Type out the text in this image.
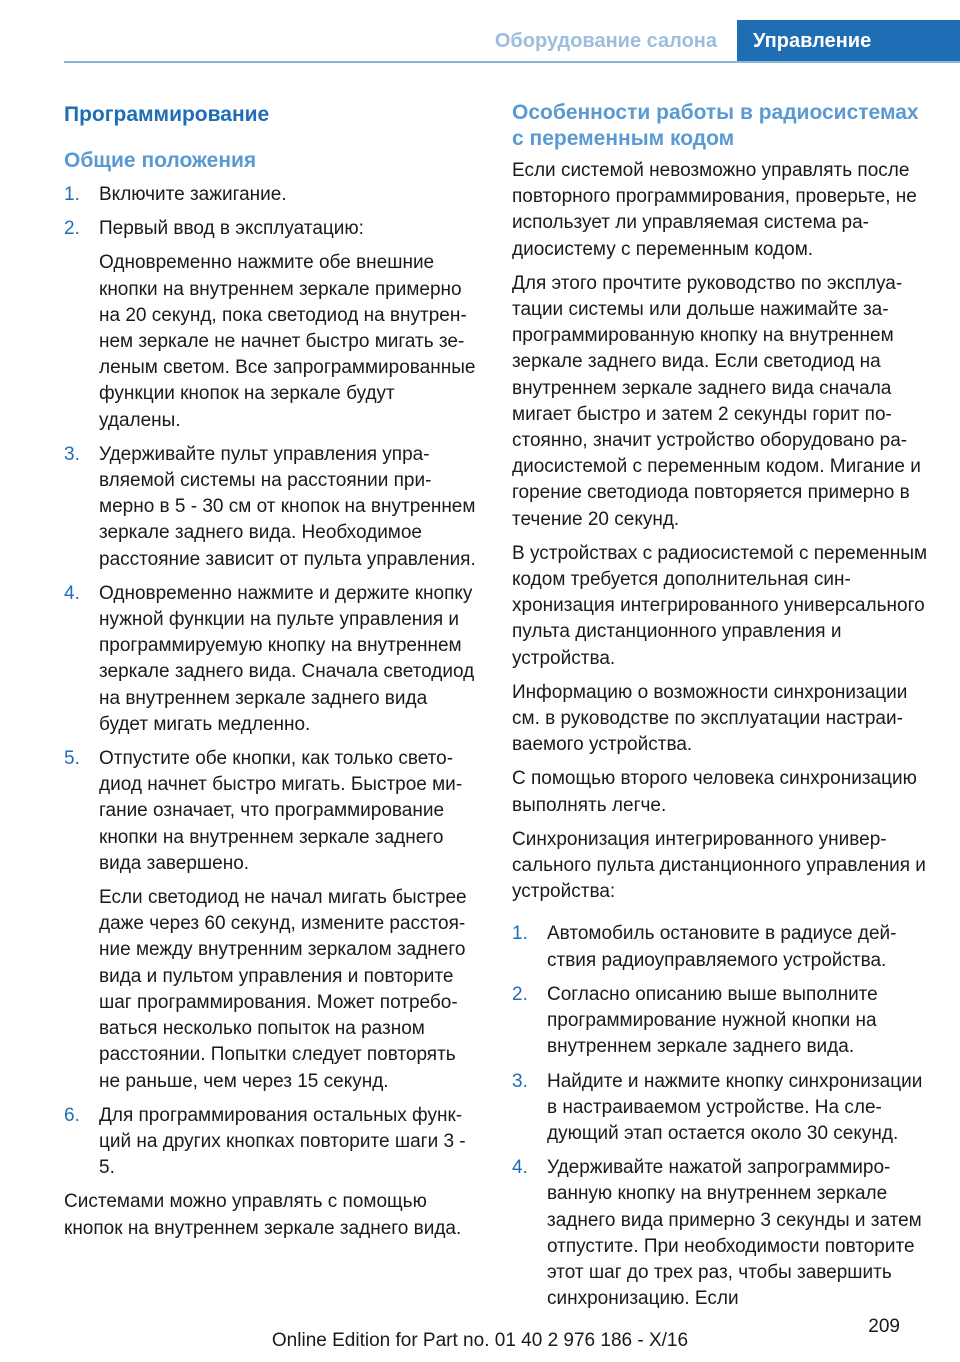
Оборудование салона	Управление
Программирование
Общие положения
1.	Включите зажигание.

2.	Первый ввод в эксплуатацию:

Одновременно нажмите обе внешние кнопки на внутреннем зеркале примерно на 20 секунд, пока светодиод на внутреннем зеркале не начнет быстро мигать зеленым светом. Все запрограммированные функции кнопок на зеркале будут удалены.

3.	Удерживайте пульт управления управляемой системы на расстоянии примерно в 5 - 30 см от кнопок на внутреннем зеркале заднего вида. Необходимое расстояние зависит от пульта управления.

4.	Одновременно нажмите и держите кнопку нужной функции на пульте управления и программируемую кнопку на внутреннем зеркале заднего вида. Сначала светодиод на внутреннем зеркале заднего вида будет мигать медленно.

5.	Отпустите обе кнопки, как только светодиод начнет быстро мигать. Быстрое мигание означает, что программирование кнопки на внутреннем зеркале заднего вида завершено.

Если светодиод не начал мигать быстрее даже через 60 секунд, измените расстояние между внутренним зеркалом заднего вида и пультом управления и повторите шаг программирования. Может потребоваться несколько попыток на разном расстоянии. Попытки следует повторять не раньше, чем через 15 секунд.

6.	Для программирования остальных функций на других кнопках повторите шаги 3 - 5.

Системами можно управлять с помощью кнопок на внутреннем зеркале заднего вида.

Особенности работы в радиосистемах с переменным кодом

Если системой невозможно управлять после повторного программирования, проверьте, не использует ли управляемая система радиосистему с переменным кодом.

Для этого прочтите руководство по эксплуатации системы или дольше нажимайте запрограммированную кнопку на внутреннем зеркале заднего вида. Если светодиод на внутреннем зеркале заднего вида сначала мигает быстро и затем 2 секунды горит постоянно, значит устройство оборудовано радиосистемой с переменным кодом. Мигание и горение светодиода повторяется примерно в течение 20 секунд.

В устройствах с радиосистемой с переменным кодом требуется дополнительная синхронизация интегрированного универсального пульта дистанционного управления и устройства.

Информацию о возможности синхронизации см. в руководстве по эксплуатации настраиваемого устройства.

С помощью второго человека синхронизацию выполнять легче.

Синхронизация интегрированного универсального пульта дистанционного управления и устройства:

1.	Автомобиль остановите в радиусе действия радиоуправляемого устройства.

2.	Согласно описанию выше выполните программирование нужной кнопки на внутреннем зеркале заднего вида.

3.	Найдите и нажмите кнопку синхронизации в настраиваемом устройстве. На следующий этап остается около 30 секунд.

4.	Удерживайте нажатой запрограммированную кнопку на внутреннем зеркале заднего вида примерно 3 секунды и затем отпустите. При необходимости повторите этот шаг до трех раз, чтобы завершить синхронизацию. Если

209
Online Edition for Part no. 01 40 2 976 186 - X/16
